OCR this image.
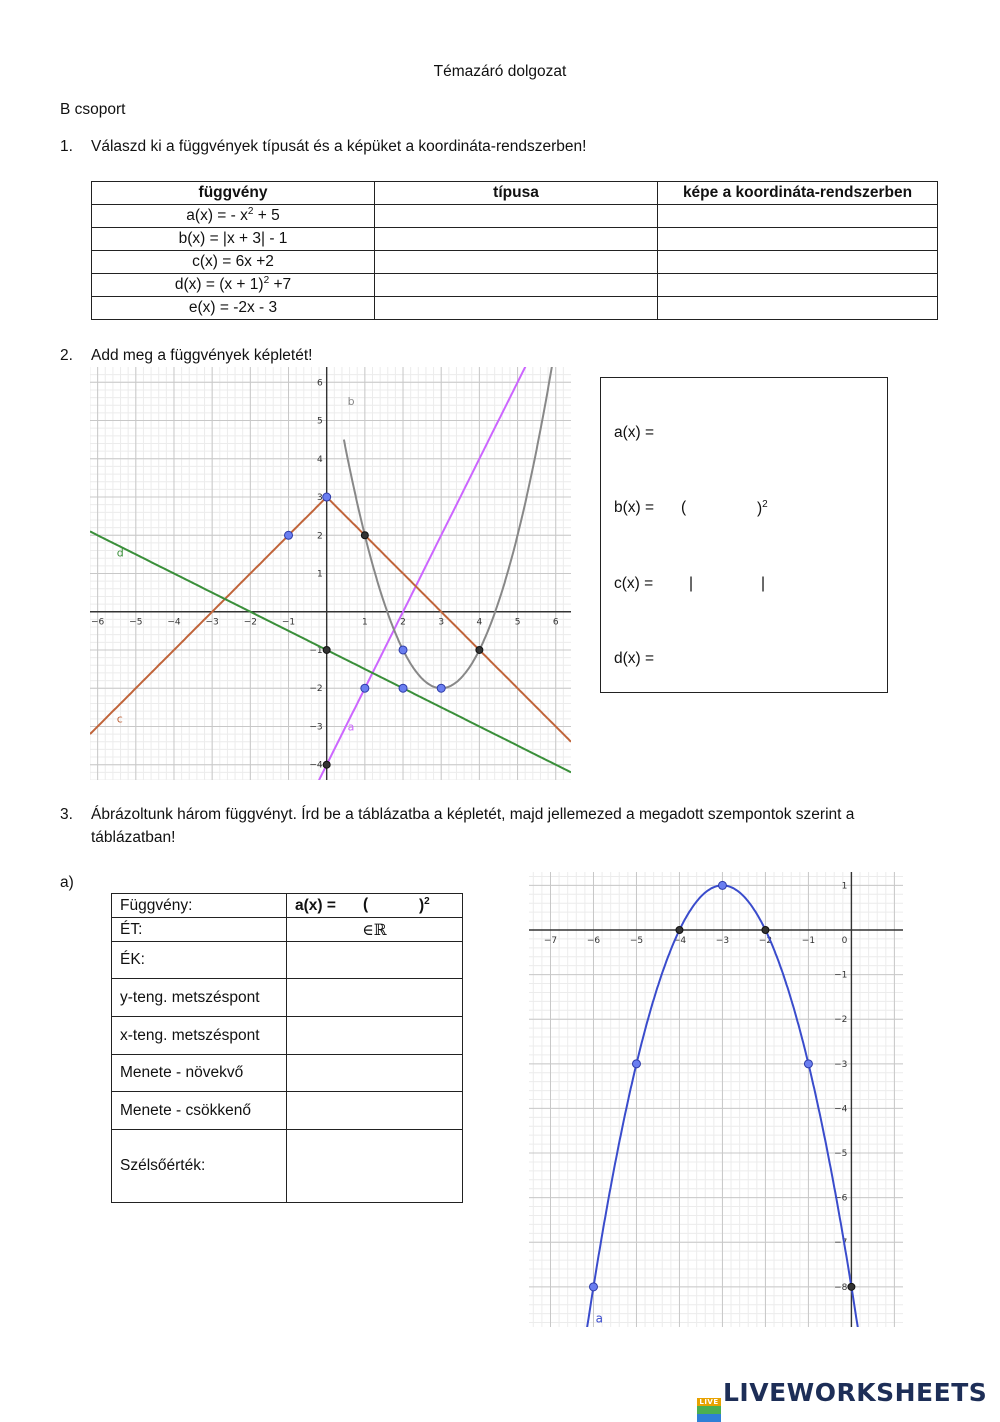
Témazáró dolgozat
B csoport
1. Válaszd ki a függvények típusát és a képüket a koordináta-rendszerben!
függvény	típusa	képe a koordináta-rendszerben
a(x) = - $x^2 + 5$		
b(x) = |x + 3| - 1		
c(x) = 6x +2		
$d(x) = (x + 1)^2 +7$		
e(x) = -2x - 3		
2. Add meg a függvények képletét!
−6	−5	−4	−3	−2	−1	1	2	3	4	5	6
−4
−3
−2
−1
1
2
3
4
5
6
a
b
c
d
a(x) =
b(x) = (	)$^2$
c(x) = |	|
d(x) =
3. Ábrázoltunk három függvényt. Írd be a táblázatba a képletét, majd jellemezed a megadott szempontok szerint a
táblázatban!
a)
Függvény:	a(x) = ( )$^2$

ÉT:	∈ℝ
ÉK:	
y-teng. metszéspont	
x-teng. metszéspont	
Menete - növekvő	
Menete - csökkenő	
Szélsőérték:	
−7	−6	−5	−4	−3	−2	−1
1
−1
−2
−3
−4
−5
−6
−7
−8
0
a
LIVE LIVEWORKSHEETS
